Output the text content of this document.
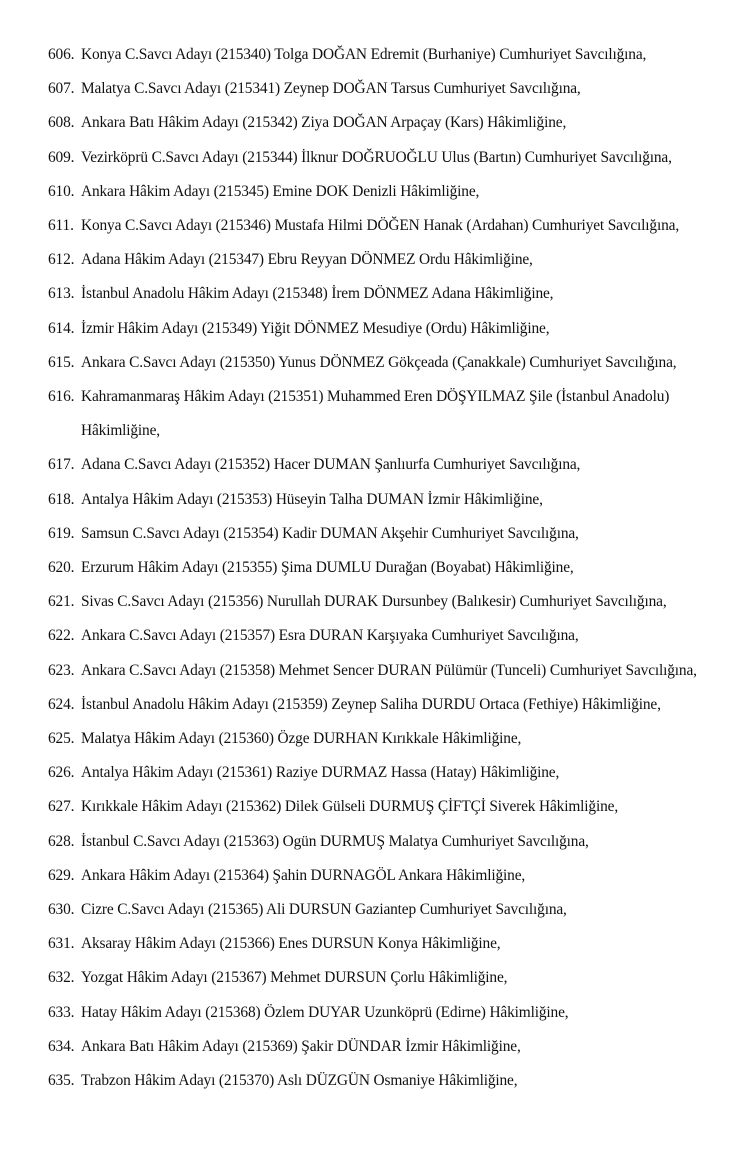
606. Konya C.Savcı Adayı (215340) Tolga DOĞAN Edremit (Burhaniye) Cumhuriyet Savcılığına,
607. Malatya C.Savcı Adayı (215341) Zeynep DOĞAN Tarsus Cumhuriyet Savcılığına,
608. Ankara Batı Hâkim Adayı (215342) Ziya DOĞAN Arpaçay (Kars) Hâkimliğine,
609. Vezirköprü C.Savcı Adayı (215344) İlknur DOĞRUOĞLU Ulus (Bartın) Cumhuriyet Savcılığına,
610. Ankara Hâkim Adayı (215345) Emine DOK Denizli Hâkimliğine,
611. Konya C.Savcı Adayı (215346) Mustafa Hilmi DÖĞEN Hanak (Ardahan) Cumhuriyet Savcılığına,
612. Adana Hâkim Adayı (215347) Ebru Reyyan DÖNMEZ Ordu Hâkimliğine,
613. İstanbul Anadolu Hâkim Adayı (215348) İrem DÖNMEZ Adana Hâkimliğine,
614. İzmir Hâkim Adayı (215349) Yiğit DÖNMEZ Mesudiye (Ordu) Hâkimliğine,
615. Ankara C.Savcı Adayı (215350) Yunus DÖNMEZ Gökçeada (Çanakkale) Cumhuriyet Savcılığına,
616. Kahramanmaraş Hâkim Adayı (215351) Muhammed Eren DÖŞYILMAZ Şile (İstanbul Anadolu) Hâkimliğine,
617. Adana C.Savcı Adayı (215352) Hacer DUMAN Şanlıurfa Cumhuriyet Savcılığına,
618. Antalya Hâkim Adayı (215353) Hüseyin Talha DUMAN İzmir Hâkimliğine,
619. Samsun C.Savcı Adayı (215354) Kadir DUMAN Akşehir Cumhuriyet Savcılığına,
620. Erzurum Hâkim Adayı (215355) Şima DUMLU Durağan (Boyabat) Hâkimliğine,
621. Sivas C.Savcı Adayı (215356) Nurullah DURAK Dursunbey (Balıkesir) Cumhuriyet Savcılığına,
622. Ankara C.Savcı Adayı (215357) Esra DURAN Karşıyaka Cumhuriyet Savcılığına,
623. Ankara C.Savcı Adayı (215358) Mehmet Sencer DURAN Pülümür (Tunceli) Cumhuriyet Savcılığına,
624. İstanbul Anadolu Hâkim Adayı (215359) Zeynep Saliha DURDU Ortaca (Fethiye) Hâkimliğine,
625. Malatya Hâkim Adayı (215360) Özge DURHAN Kırıkkale Hâkimliğine,
626. Antalya Hâkim Adayı (215361) Raziye DURMAZ Hassa (Hatay) Hâkimliğine,
627. Kırıkkale Hâkim Adayı (215362) Dilek Gülseli DURMUŞ ÇİFTÇİ Siverek Hâkimliğine,
628. İstanbul C.Savcı Adayı (215363) Ogün DURMUŞ Malatya Cumhuriyet Savcılığına,
629. Ankara Hâkim Adayı (215364) Şahin DURNAGÖL Ankara Hâkimliğine,
630. Cizre C.Savcı Adayı (215365) Ali DURSUN Gaziantep Cumhuriyet Savcılığına,
631. Aksaray Hâkim Adayı (215366) Enes DURSUN Konya Hâkimliğine,
632. Yozgat Hâkim Adayı (215367) Mehmet DURSUN Çorlu Hâkimliğine,
633. Hatay Hâkim Adayı (215368) Özlem DUYAR Uzunköprü (Edirne) Hâkimliğine,
634. Ankara Batı Hâkim Adayı (215369) Şakir DÜNDAR İzmir Hâkimliğine,
635. Trabzon Hâkim Adayı (215370) Aslı DÜZGÜN Osmaniye Hâkimliğine,
